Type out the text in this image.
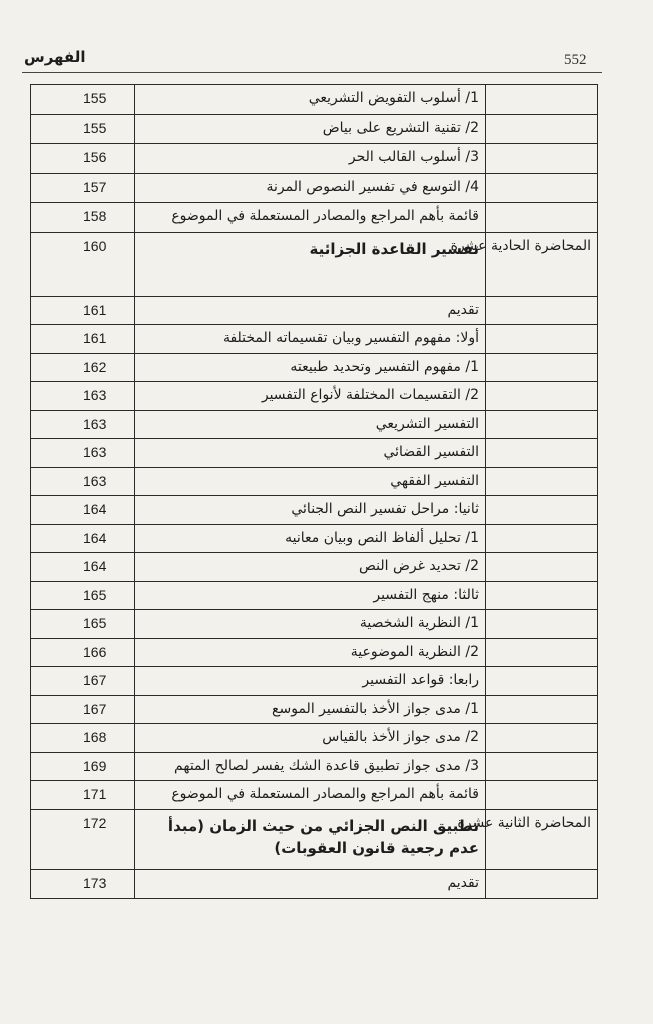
الفهرس	552
	1/ أسلوب التفويض التشريعي	155
	2/ تقنية التشريع على بياض	155
	3/ أسلوب القالب الحر	156
	4/ التوسع في تفسير النصوص المرنة	157
	قائمة بأهم المراجع والمصادر المستعملة في الموضوع	158
المحاضرة الحادية عشرة	تفسير القاعدة الجزائية	160
	تقديم	161
	أولا: مفهوم التفسير وبيان تقسيماته المختلفة	161
	1/ مفهوم التفسير وتحديد طبيعته	162
	2/ التقسيمات المختلفة لأنواع التفسير	163
	التفسير التشريعي	163
	التفسير القضائي	163
	التفسير الفقهي	163
	ثانيا: مراحل تفسير النص الجنائي	164
	1/ تحليل ألفاظ النص وبيان معانيه	164
	2/ تحديد غرض النص	164
	ثالثا: منهج التفسير	165
	1/ النظرية الشخصية	165
	2/ النظرية الموضوعية	166
	رابعا: قواعد التفسير	167
	1/ مدى جواز الأخذ بالتفسير الموسع	167
	2/ مدى جواز الأخذ بالقياس	168
	3/ مدى جواز تطبيق قاعدة الشك يفسر لصالح المتهم	169
	قائمة بأهم المراجع والمصادر المستعملة في الموضوع	171
المحاضرة الثانية عشرة	تطبيق النص الجزائي من حيث الزمان (مبدأ عدم رجعية قانون العقوبات)	172
	تقديم	173
